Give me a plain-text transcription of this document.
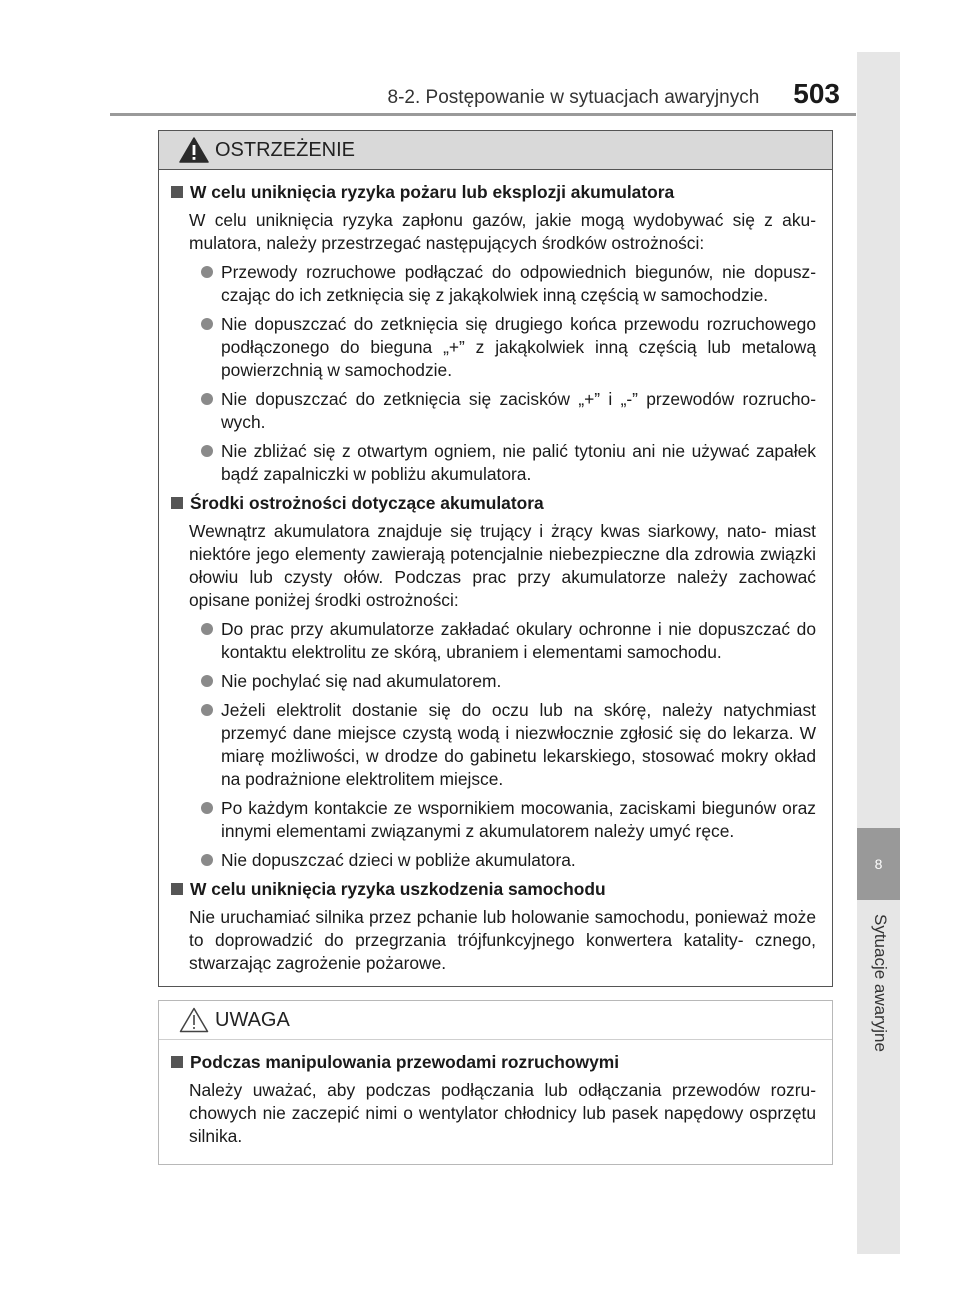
8-2. Postępowanie w sytuacjach awaryjnych 503
8
Sytuacje awaryjne
OSTRZEŻENIE
W celu uniknięcia ryzyka pożaru lub eksplozji akumulatora
W celu uniknięcia ryzyka zapłonu gazów, jakie mogą wydobywać się z aku- mulatora, należy przestrzegać następujących środków ostrożności:
Przewody rozruchowe podłączać do odpowiednich biegunów, nie dopusz- czając do ich zetknięcia się z jakąkolwiek inną częścią w samochodzie.
Nie dopuszczać do zetknięcia się drugiego końca przewodu rozruchowego podłączonego do bieguna „+” z jakąkolwiek inną częścią lub metalową powierzchnią w samochodzie.
Nie dopuszczać do zetknięcia się zacisków „+” i „-” przewodów rozrucho- wych.
Nie zbliżać się z otwartym ogniem, nie palić tytoniu ani nie używać zapałek bądź zapalniczki w pobliżu akumulatora.
Środki ostrożności dotyczące akumulatora
Wewnątrz akumulatora znajduje się trujący i żrący kwas siarkowy, nato- miast niektóre jego elementy zawierają potencjalnie niebezpieczne dla zdrowia związki ołowiu lub czysty ołów. Podczas prac przy akumulatorze należy zachować opisane poniżej środki ostrożności:
Do prac przy akumulatorze zakładać okulary ochronne i nie dopuszczać do kontaktu elektrolitu ze skórą, ubraniem i elementami samochodu.
Nie pochylać się nad akumulatorem.
Jeżeli elektrolit dostanie się do oczu lub na skórę, należy natychmiast przemyć dane miejsce czystą wodą i niezwłocznie zgłosić się do lekarza. W miarę możliwości, w drodze do gabinetu lekarskiego, stosować mokry okład na podrażnione elektrolitem miejsce.
Po każdym kontakcie ze wspornikiem mocowania, zaciskami biegunów oraz innymi elementami związanymi z akumulatorem należy umyć ręce.
Nie dopuszczać dzieci w pobliże akumulatora.
W celu uniknięcia ryzyka uszkodzenia samochodu
Nie uruchamiać silnika przez pchanie lub holowanie samochodu, ponieważ może to doprowadzić do przegrzania trójfunkcyjnego konwertera katality- cznego, stwarzając zagrożenie pożarowe.
UWAGA
Podczas manipulowania przewodami rozruchowymi
Należy uważać, aby podczas podłączania lub odłączania przewodów rozru- chowych nie zaczepić nimi o wentylator chłodnicy lub pasek napędowy osprzętu silnika.
